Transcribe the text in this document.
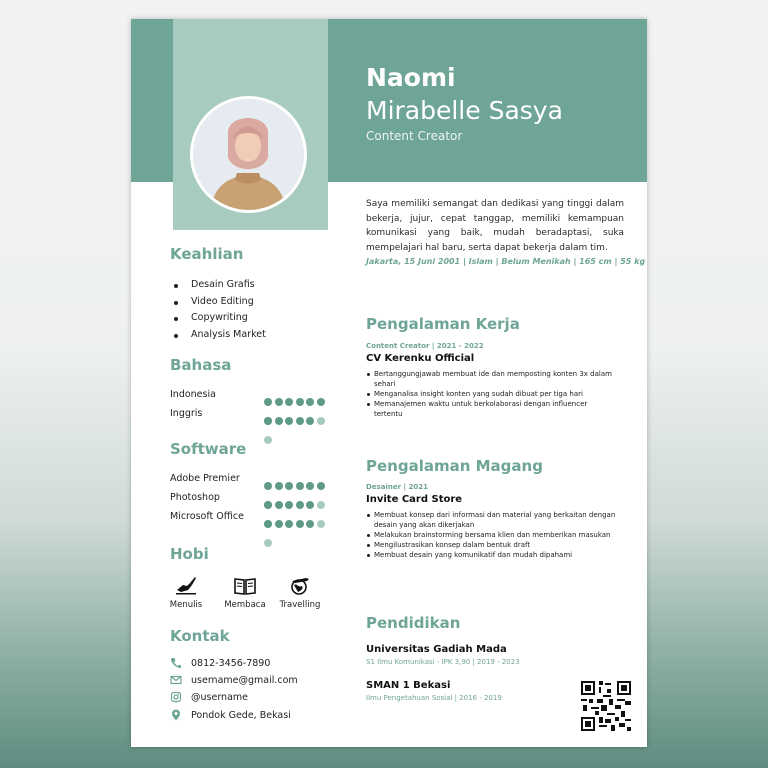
Naomi
Mirabelle Sasya
Content Creator
Saya memiliki semangat dan dedikasi yang tinggi dalam bekerja, jujur, cepat tanggap, memiliki kemampuan komunikasi yang baik, mudah beradaptasi, suka mempelajari hal baru, serta dapat bekerja dalam tim.
Jakarta, 15 Juni 2001 | Islam | Belum Menikah | 165 cm | 55 kg
Keahlian
Desain Grafis
Video Editing
Copywriting
Analysis Market
Bahasa
Indonesia
Inggris
Software
Adobe Premier
Photoshop
Microsoft Office
Hobi
Menulis	Membaca	Travelling
Kontak
0812-3456-7890
username@gmail.com
@username
Pondok Gede, Bekasi
Pengalaman Kerja
Content Creator | 2021 - 2022
CV Kerenku Official
Bertanggungjawab membuat ide dan memposting konten 3x dalam sehari
Menganalisa insight konten yang sudah dibuat per tiga hari
Memanajemen waktu untuk berkolaborasi dengan influencer tertentu
Pengalaman Magang
Desainer | 2021
Invite Card Store
Membuat konsep dari informasi dan material yang berkaitan dengan desain yang akan dikerjakan
Melakukan brainstorming bersama klien dan memberikan masukan
Mengilustrasikan konsep dalam bentuk draft
Membuat desain yang komunikatif dan mudah dipahami
Pendidikan
Universitas Gadiah Mada
S1 Ilmu Komunikasi - IPK 3,90 | 2019 - 2023
SMAN 1 Bekasi
Ilmu Pengetahuan Sosial | 2016 - 2019
